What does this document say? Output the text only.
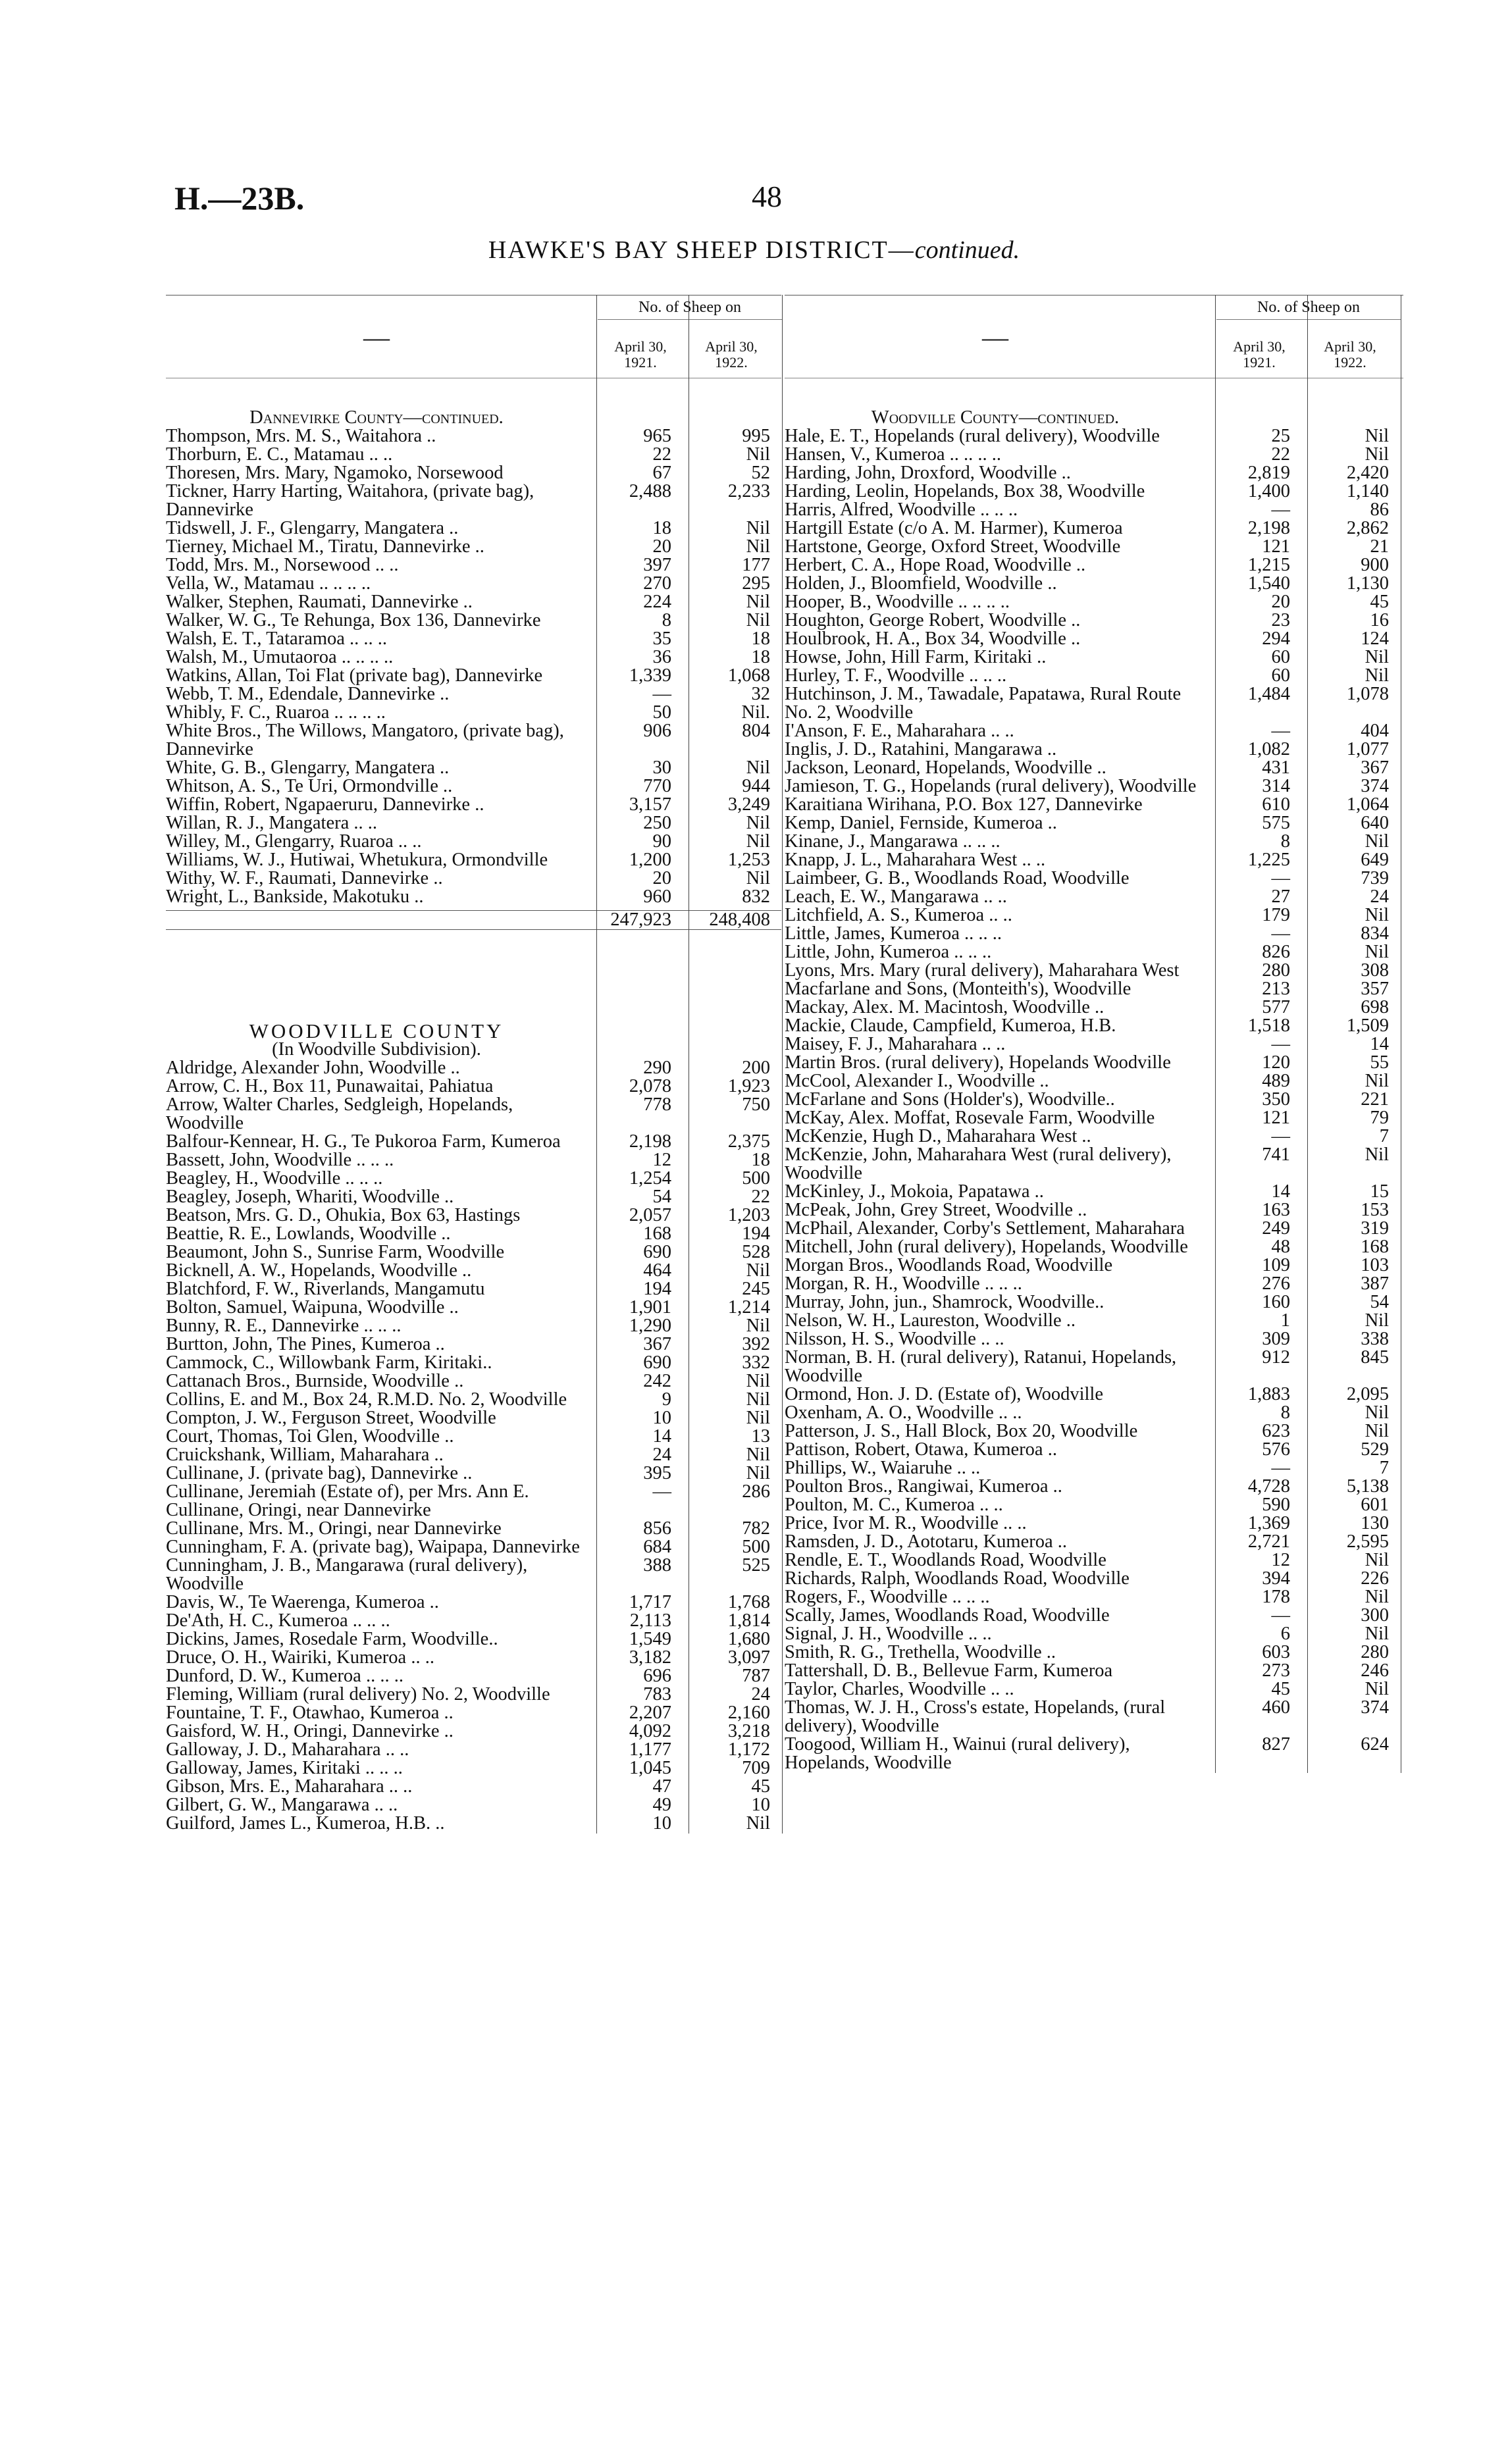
H.—23B.	48
HAWKE'S BAY SHEEP DISTRICT—continued.
—
No. of Sheep on
April 30, 1921.
April 30, 1922.
Dannevirke County—continued.
Thompson, Mrs. M. S., Waitahora ..	965	995
Thorburn, E. C., Matamau .. ..	22	Nil
Thoresen, Mrs. Mary, Ngamoko, Norsewood	67	52
Tickner, Harry Harting, Waitahora, (private bag), Dannevirke
2,488	2,233
Tidswell, J. F., Glengarry, Mangatera ..	18	Nil
Tierney, Michael M., Tiratu, Dannevirke ..	20	Nil
Todd, Mrs. M., Norsewood .. ..	397	177
Vella, W., Matamau .. .. .. ..	270	295
Walker, Stephen, Raumati, Dannevirke ..	224	Nil
Walker, W. G., Te Rehunga, Box 136, Dannevirke	8	Nil
Walsh, E. T., Tataramoa .. .. ..	35	18
Walsh, M., Umutaoroa .. .. .. ..	36	18
Watkins, Allan, Toi Flat (private bag), Dannevirke	1,339	1,068
Webb, T. M., Edendale, Dannevirke ..	—	32
Whibly, F. C., Ruaroa .. .. .. ..	50	Nil.
White Bros., The Willows, Mangatoro, (private bag), Dannevirke
906	804
White, G. B., Glengarry, Mangatera ..	30	Nil
Whitson, A. S., Te Uri, Ormondville ..	770	944
Wiffin, Robert, Ngapaeruru, Dannevirke ..	3,157	3,249
Willan, R. J., Mangatera .. ..	250	Nil
Willey, M., Glengarry, Ruaroa .. ..	90	Nil
Williams, W. J., Hutiwai, Whetukura, Ormondville	1,200	1,253
Withy, W. F., Raumati, Dannevirke ..	20	Nil
Wright, L., Bankside, Makotuku ..	960	832
247,923	248,408
WOODVILLE COUNTY
(In Woodville Subdivision).
Aldridge, Alexander John, Woodville ..	290	200
Arrow, C. H., Box 11, Punawaitai, Pahiatua	2,078	1,923
Arrow, Walter Charles, Sedgleigh, Hopelands, Woodville
778	750
Balfour-Kennear, H. G., Te Pukoroa Farm, Kumeroa	2,198	2,375
Bassett, John, Woodville .. .. ..	12	18
Beagley, H., Woodville .. .. ..	1,254	500
Beagley, Joseph, Whariti, Woodville ..	54	22
Beatson, Mrs. G. D., Ohukia, Box 63, Hastings	2,057	1,203
Beattie, R. E., Lowlands, Woodville ..	168	194
Beaumont, John S., Sunrise Farm, Woodville	690	528
Bicknell, A. W., Hopelands, Woodville ..	464	Nil
Blatchford, F. W., Riverlands, Mangamutu	194	245
Bolton, Samuel, Waipuna, Woodville ..	1,901	1,214
Bunny, R. E., Dannevirke .. .. ..	1,290	Nil
Burtton, John, The Pines, Kumeroa ..	367	392
Cammock, C., Willowbank Farm, Kiritaki..	690	332
Cattanach Bros., Burnside, Woodville ..	242	Nil
Collins, E. and M., Box 24, R.M.D. No. 2, Woodville	9	Nil
Compton, J. W., Ferguson Street, Woodville	10	Nil
Court, Thomas, Toi Glen, Woodville ..	14	13
Cruickshank, William, Maharahara ..	24	Nil
Cullinane, J. (private bag), Dannevirke ..	395	Nil
Cullinane, Jeremiah (Estate of), per Mrs. Ann E. Cullinane, Oringi, near Dannevirke
—	286
Cullinane, Mrs. M., Oringi, near Dannevirke	856	782
Cunningham, F. A. (private bag), Waipapa, Dannevirke	684	500
Cunningham, J. B., Mangarawa (rural delivery), Woodville
388	525
Davis, W., Te Waerenga, Kumeroa ..	1,717	1,768
De'Ath, H. C., Kumeroa .. .. ..	2,113	1,814
Dickins, James, Rosedale Farm, Woodville..	1,549	1,680
Druce, O. H., Wairiki, Kumeroa .. ..	3,182	3,097
Dunford, D. W., Kumeroa .. .. ..	696	787
Fleming, William (rural delivery) No. 2, Woodville	783	24
Fountaine, T. F., Otawhao, Kumeroa ..	2,207	2,160
Gaisford, W. H., Oringi, Dannevirke ..	4,092	3,218
Galloway, J. D., Maharahara .. ..	1,177	1,172
Galloway, James, Kiritaki .. .. ..	1,045	709
Gibson, Mrs. E., Maharahara .. ..	47	45
Gilbert, G. W., Mangarawa .. ..	49	10
Guilford, James L., Kumeroa, H.B. ..	10	Nil
—
No. of Sheep on
April 30, 1921.
April 30, 1922.
Woodville County—continued.
Hale, E. T., Hopelands (rural delivery), Woodville	25	Nil
Hansen, V., Kumeroa .. .. .. ..	22	Nil
Harding, John, Droxford, Woodville ..	2,819	2,420
Harding, Leolin, Hopelands, Box 38, Woodville	1,400	1,140
Harris, Alfred, Woodville .. .. ..	—	86
Hartgill Estate (c/o A. M. Harmer), Kumeroa	2,198	2,862
Hartstone, George, Oxford Street, Woodville	121	21
Herbert, C. A., Hope Road, Woodville ..	1,215	900
Holden, J., Bloomfield, Woodville ..	1,540	1,130
Hooper, B., Woodville .. .. .. ..	20	45
Houghton, George Robert, Woodville ..	23	16
Houlbrook, H. A., Box 34, Woodville ..	294	124
Howse, John, Hill Farm, Kiritaki ..	60	Nil
Hurley, T. F., Woodville .. .. ..	60	Nil
Hutchinson, J. M., Tawadale, Papatawa, Rural Route No. 2, Woodville
1,484	1,078
I'Anson, F. E., Maharahara .. ..	—	404
Inglis, J. D., Ratahini, Mangarawa ..	1,082	1,077
Jackson, Leonard, Hopelands, Woodville ..	431	367
Jamieson, T. G., Hopelands (rural delivery), Woodville	314	374
Karaitiana Wirihana, P.O. Box 127, Dannevirke	610	1,064
Kemp, Daniel, Fernside, Kumeroa ..	575	640
Kinane, J., Mangarawa .. .. ..	8	Nil
Knapp, J. L., Maharahara West .. ..	1,225	649
Laimbeer, G. B., Woodlands Road, Woodville	—	739
Leach, E. W., Mangarawa .. ..	27	24
Litchfield, A. S., Kumeroa .. ..	179	Nil
Little, James, Kumeroa .. .. ..	—	834
Little, John, Kumeroa .. .. ..	826	Nil
Lyons, Mrs. Mary (rural delivery), Maharahara West	280	308
Macfarlane and Sons, (Monteith's), Woodville	213	357
Mackay, Alex. M. Macintosh, Woodville ..	577	698
Mackie, Claude, Campfield, Kumeroa, H.B.	1,518	1,509
Maisey, F. J., Maharahara .. ..	—	14
Martin Bros. (rural delivery), Hopelands Woodville	120	55
McCool, Alexander I., Woodville ..	489	Nil
McFarlane and Sons (Holder's), Woodville..	350	221
McKay, Alex. Moffat, Rosevale Farm, Woodville	121	79
McKenzie, Hugh D., Maharahara West ..	—	7
McKenzie, John, Maharahara West (rural delivery), Woodville
741	Nil
McKinley, J., Mokoia, Papatawa ..	14	15
McPeak, John, Grey Street, Woodville ..	163	153
McPhail, Alexander, Corby's Settlement, Maharahara	249	319
Mitchell, John (rural delivery), Hopelands, Woodville	48	168
Morgan Bros., Woodlands Road, Woodville	109	103
Morgan, R. H., Woodville .. .. ..	276	387
Murray, John, jun., Shamrock, Woodville..	160	54
Nelson, W. H., Laureston, Woodville ..	1	Nil
Nilsson, H. S., Woodville .. ..	309	338
Norman, B. H. (rural delivery), Ratanui, Hopelands, Woodville
912	845
Ormond, Hon. J. D. (Estate of), Woodville	1,883	2,095
Oxenham, A. O., Woodville .. ..	8	Nil
Patterson, J. S., Hall Block, Box 20, Woodville	623	Nil
Pattison, Robert, Otawa, Kumeroa ..	576	529
Phillips, W., Waiaruhe .. ..	—	7
Poulton Bros., Rangiwai, Kumeroa ..	4,728	5,138
Poulton, M. C., Kumeroa .. ..	590	601
Price, Ivor M. R., Woodville .. ..	1,369	130
Ramsden, J. D., Aototaru, Kumeroa ..	2,721	2,595
Rendle, E. T., Woodlands Road, Woodville	12	Nil
Richards, Ralph, Woodlands Road, Woodville	394	226
Rogers, F., Woodville .. .. ..	178	Nil
Scally, James, Woodlands Road, Woodville	—	300
Signal, J. H., Woodville .. ..	6	Nil
Smith, R. G., Trethella, Woodville ..	603	280
Tattershall, D. B., Bellevue Farm, Kumeroa	273	246
Taylor, Charles, Woodville .. ..	45	Nil
Thomas, W. J. H., Cross's estate, Hopelands, (rural delivery), Woodville
460	374
Toogood, William H., Wainui (rural delivery), Hopelands, Woodville
827	624
